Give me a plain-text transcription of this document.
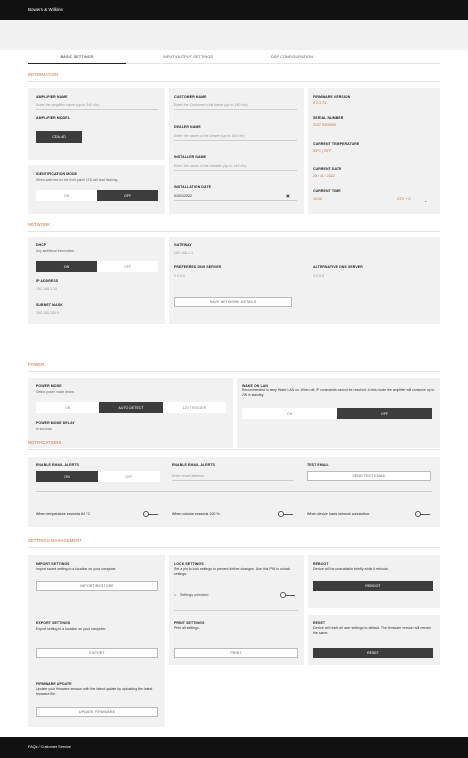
Bowers & Wilkins
BASIC SETTINGS	INPUT/OUTPUT SETTINGS	DSP CONFIGURATION
INFORMATION
AMPLIFIER NAME
Enter the amplifier name (up to 140 chr)
AMPLIFIER MODEL
CDA-4D
IDENTIFICATION MODE
When switched on the front panel LED will start flashing.
ON	OFF
CUSTOMER NAME
Enter the Customer's full name (up to 140 chr)
DEALER NAME
Enter the name of the Dealer (up to 140 chr)
INSTALLER NAME
Enter the name of the Installer (up to 140 chr)
INSTALLATION DATE
01/01/2022	▣
FIRMWARE VERSION
0.0.3.73
SERIAL NUMBER
2237 0300009
CURRENT TEMPERATURE
35°C | 95°F
CURRENT DATE
25 / 11 / 2022
CURRENT TIME
10:08	UTC + 0	⌄
NETWORK
DHCP
Any additional Information.
ON	OFF
IP ADDRESS
192.168.1.10
SUBNET MASK
255.255.255.0
GATEWAY
192.168.1.1
PREFERRED DNS SERVER
0.0.0.0
ALTERNATIVE DNS SERVER
0.0.0.0
SAVE NETWORK DETAILS
POWER
POWER MODE
Select power mode below.
ON	AUTO DETECT	12V TRIGGER
POWER MODE DELAY
In seconds
WAKE ON LAN
Recommended to keep Wake LAN on. When off, IP commands cannot be reached. In this mode the amplifier will consume up to 2W in standby.
ON	OFF
NOTIFICATIONS
ENABLE EMAIL ALERTS
ON	OFF
ENABLE EMAIL ALERTS
Enter email address
TEST EMAIL
SEND TEST EMAIL
When temperature exceeds 84 °C	When volume exceeds 100 %	When device loses network connection.
SETTINGS MANAGEMENT
IMPORT SETTINGS
Import saved setting to a location on your computer.
IMPORT/RESTORE
EXPORT SETTINGS
Export setting to a location on your computer.
EXPORT
FIRMWARE UPDATE
Update your firmware session with the latest update by uploading the latest firmware file.
UPDATE FIRMWARE
LOCK SETTINGS
Set a pin to lock settings to prevent further changes. Use this PIN to unlock settings.
○ Settings unlocked
PRINT SETTINGS
Print all settings.
PRINT
REBOOT
Device will be unavailable briefly while it reboots.
REBOOT
RESET
Device will reset all user settings to default. The firmware version will remain the same.
RESET
FAQs / Customer Service
